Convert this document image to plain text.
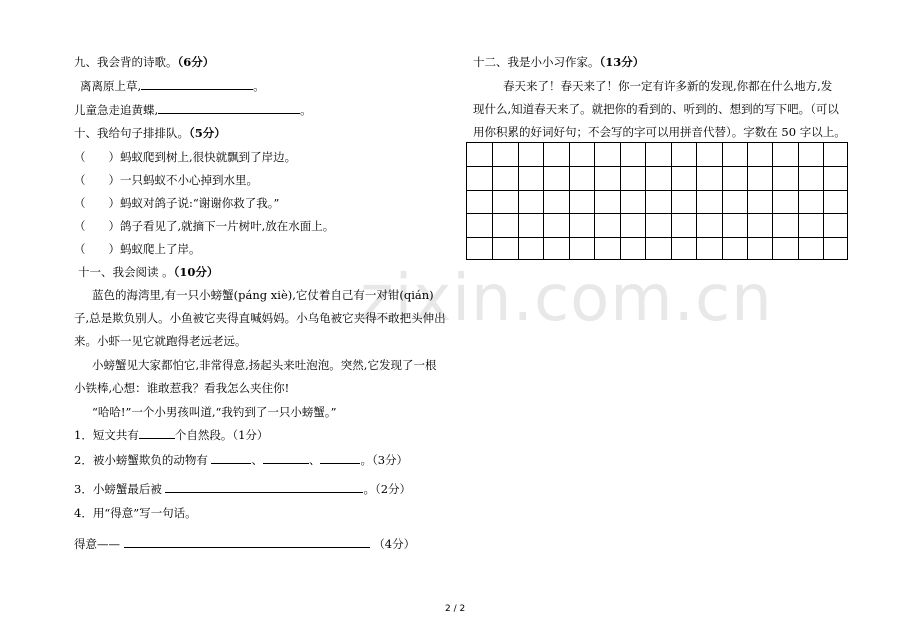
zixin.com.cn
九、我会背的诗歌。（6分）
离离原上草,	。
儿童急走追黄蝶,	。
十、我给句子排排队。（5分）
（　　）蚂蚁爬到树上,很快就飘到了岸边。
（　　）一只蚂蚁不小心掉到水里。
（　　）蚂蚁对鸽子说:“谢谢你救了我。”
（　　）鸽子看见了,就摘下一片树叶,放在水面上。
（　　）蚂蚁爬上了岸。
十一、我会阅读 。（10分）
蓝色的海湾里,有一只小螃蟹(páng xiè),它仗着自己有一对钳(qián)
子,总是欺负别人。小鱼被它夹得直喊妈妈。小乌龟被它夹得不敢把头伸出
来。小虾一见它就跑得老远老远。
小螃蟹见大家都怕它,非常得意,扬起头来吐泡泡。突然,它发现了一根
小铁棒,心想：谁敢惹我？看我怎么夹住你!
“哈哈!”一个小男孩叫道,“我钓到了一只小螃蟹。”
1．短文共有	个自然段。（1分）
2．被小螃蟹欺负的动物有	、	、	。（3分）
3．小螃蟹最后被	。（2分）
4．用“得意”写一句话。
得意——	（4分）
十二、我是小小习作家。（13分）
春天来了！春天来了！你一定有许多新的发现,你都在什么地方,发
现什么,知道春天来了。就把你的看到的、听到的、想到的写下吧。（可以
用你积累的好词好句；不会写的字可以用拼音代替）。字数在 50 字以上。
2 / 2
